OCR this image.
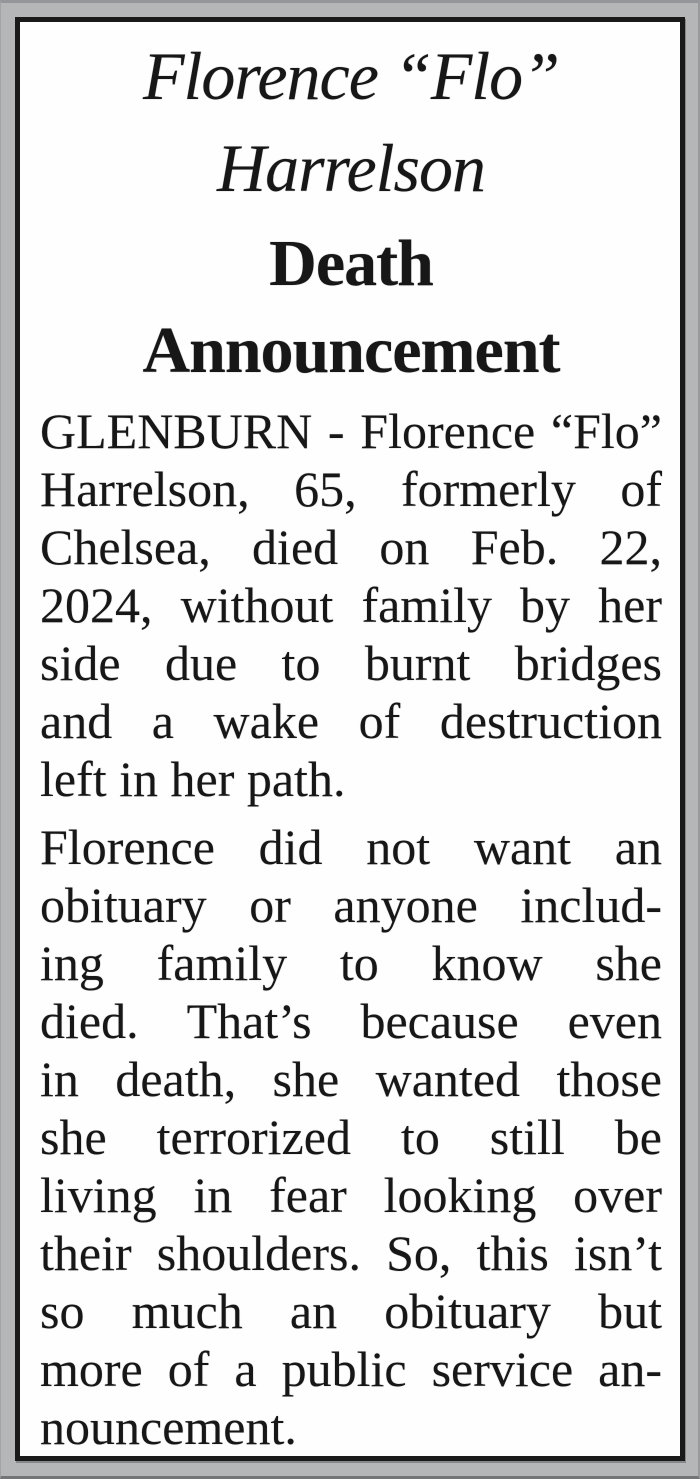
Florence “Flo”
Harrelson
Death
Announcement

GLENBURN - Florence “Flo”
Harrelson, 65, formerly of
Chelsea, died on Feb. 22,
2024, without family by her
side due to burnt bridges
and a wake of destruction
left in her path.

Florence did not want an
obituary or anyone includ-
ing family to know she
died. That’s because even
in death, she wanted those
she terrorized to still be
living in fear looking over
their shoulders. So, this isn’t
so much an obituary but
more of a public service an-
nouncement.
